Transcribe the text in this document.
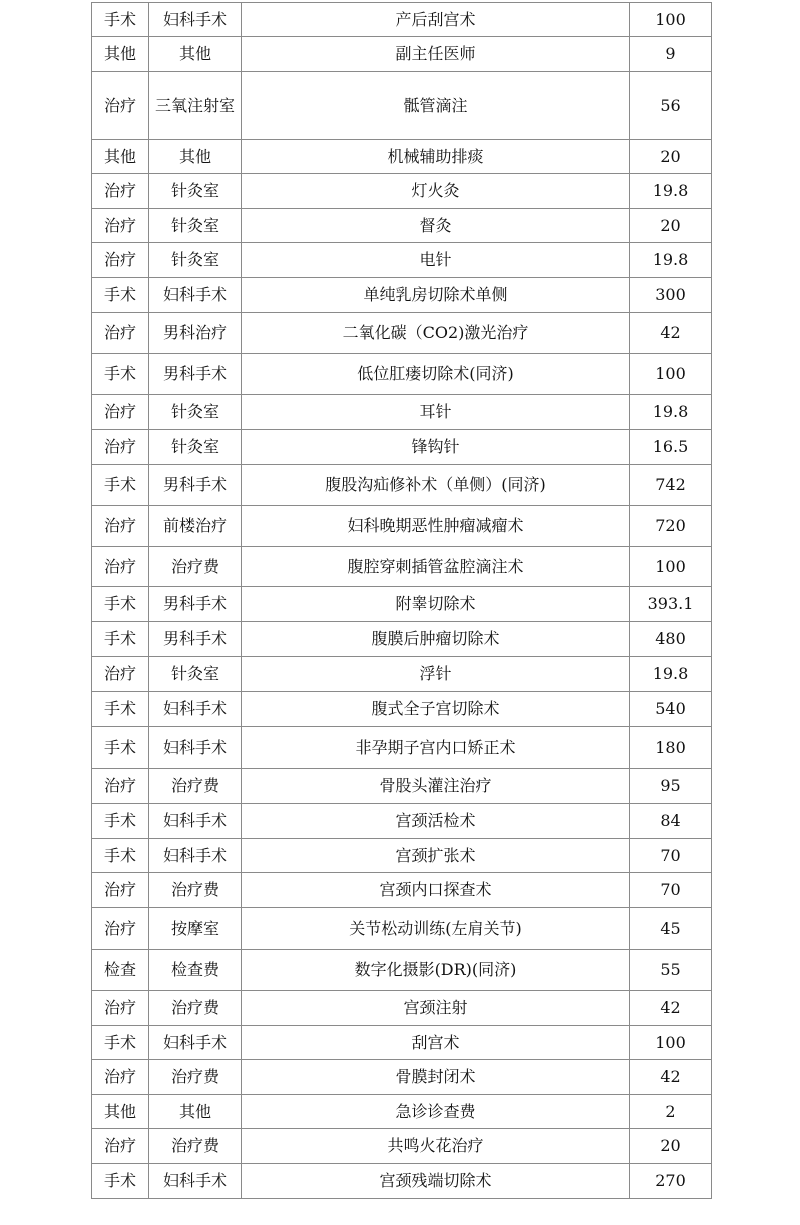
手术	妇科手术	产后刮宫术	100
其他	其他	副主任医师	9
治疗	三氧注射室	骶管滴注	56
其他	其他	机械辅助排痰	20
治疗	针灸室	灯火灸	19.8
治疗	针灸室	督灸	20
治疗	针灸室	电针	19.8
手术	妇科手术	单纯乳房切除术单侧	300
治疗	男科治疗	二氧化碳（CO2)激光治疗	42
手术	男科手术	低位肛瘘切除术(同济)	100
治疗	针灸室	耳针	19.8
治疗	针灸室	锋钩针	16.5
手术	男科手术	腹股沟疝修补术（单侧）(同济)	742
治疗	前楼治疗	妇科晚期恶性肿瘤减瘤术	720
治疗	治疗费	腹腔穿刺插管盆腔滴注术	100
手术	男科手术	附睾切除术	393.1
手术	男科手术	腹膜后肿瘤切除术	480
治疗	针灸室	浮针	19.8
手术	妇科手术	腹式全子宫切除术	540
手术	妇科手术	非孕期子宫内口矫正术	180
治疗	治疗费	骨股头灌注治疗	95
手术	妇科手术	宫颈活检术	84
手术	妇科手术	宫颈扩张术	70
治疗	治疗费	宫颈内口探查术	70
治疗	按摩室	关节松动训练(左肩关节)	45
检查	检查费	数字化摄影(DR)(同济)	55
治疗	治疗费	宫颈注射	42
手术	妇科手术	刮宫术	100
治疗	治疗费	骨膜封闭术	42
其他	其他	急诊诊查费	2
治疗	治疗费	共鸣火花治疗	20
手术	妇科手术	宫颈残端切除术	270
